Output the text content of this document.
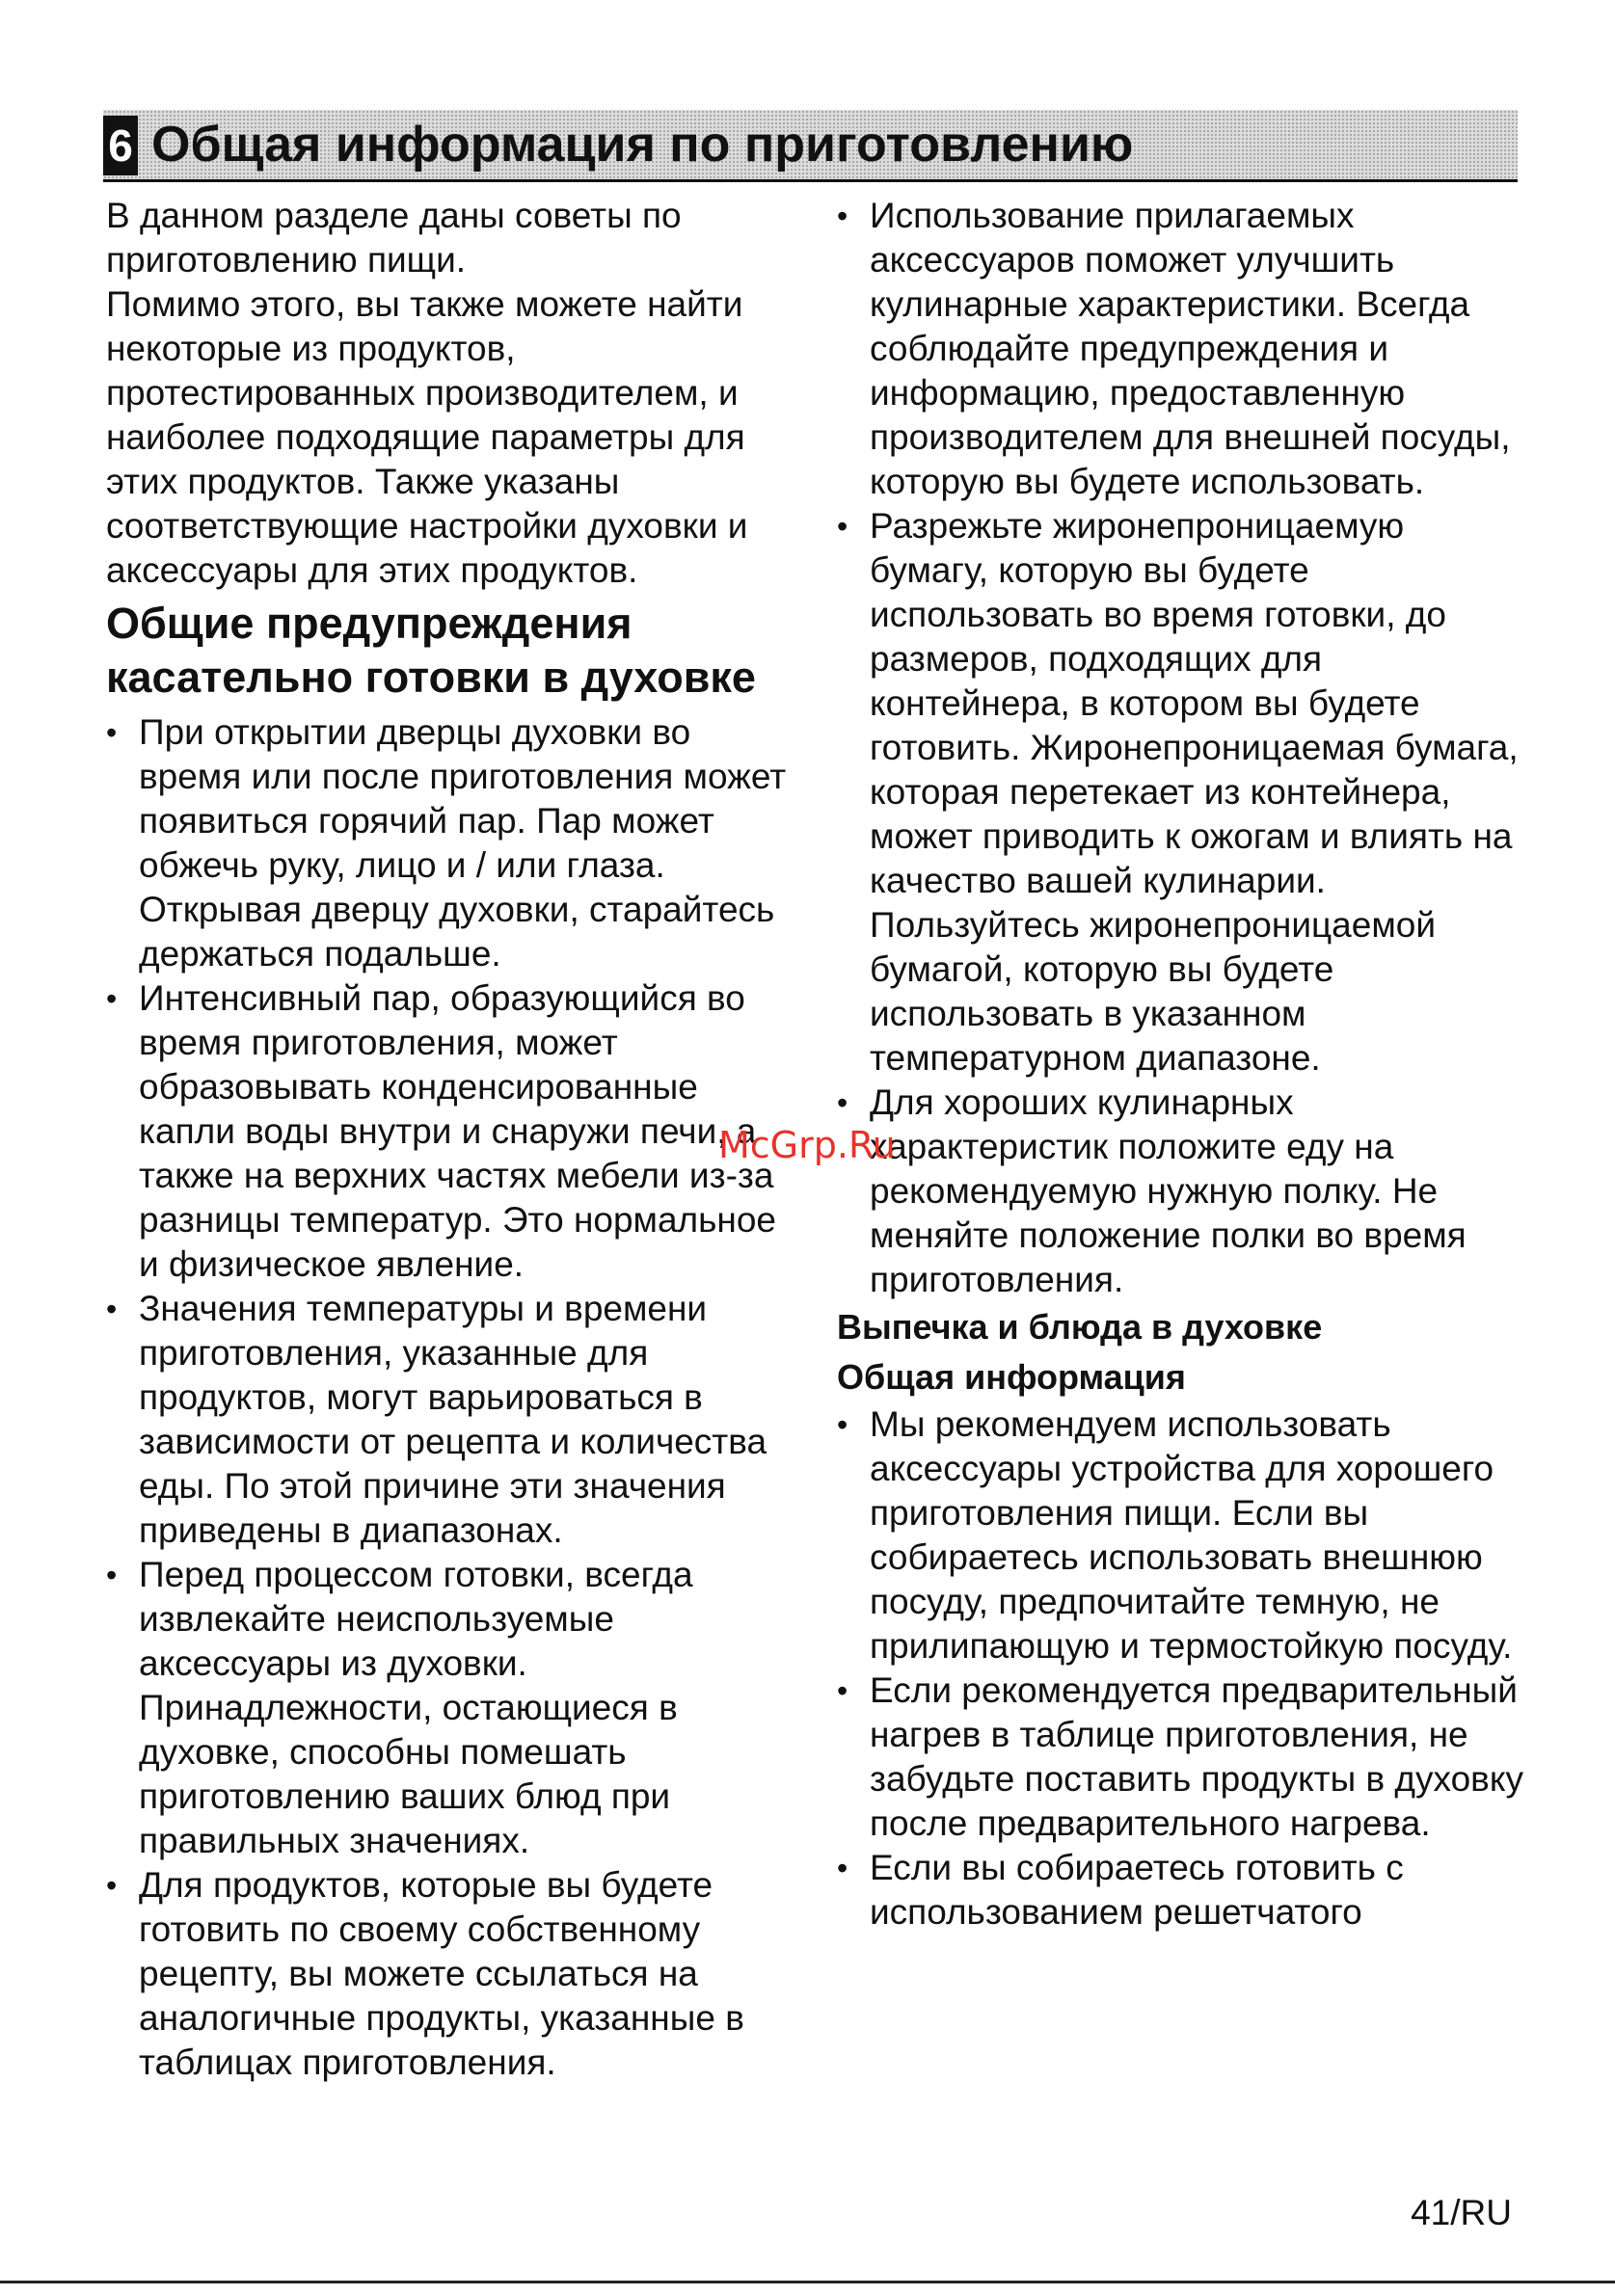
6 Общая информация по приготовлению

В данном разделе даны советы по приготовлению пищи.

Помимо этого, вы также можете найти некоторые из продуктов, протестированных производителем, и наиболее подходящие параметры для этих продуктов. Также указаны соответствующие настройки духовки и аксессуары для этих продуктов.

Общие предупреждения касательно готовки в духовке
• При открытии дверцы духовки во время или после приготовления может появиться горячий пар. Пар может обжечь руку, лицо и / или глаза. Открывая дверцу духовки, старайтесь держаться подальше.
• Интенсивный пар, образующийся во время приготовления, может образовывать конденсированные капли воды внутри и снаружи печи, а также на верхних частях мебели из-за разницы температур. Это нормальное и физическое явление.
• Значения температуры и времени приготовления, указанные для продуктов, могут варьироваться в зависимости от рецепта и количества еды. По этой причине эти значения приведены в диапазонах.
• Перед процессом готовки, всегда извлекайте неиспользуемые аксессуары из духовки. Принадлежности, остающиеся в духовке, способны помешать приготовлению ваших блюд при правильных значениях.
• Для продуктов, которые вы будете готовить по своему собственному рецепту, вы можете ссылаться на аналогичные продукты, указанные в таблицах приготовления.
• Использование прилагаемых аксессуаров поможет улучшить кулинарные характеристики. Всегда соблюдайте предупреждения и информацию, предоставленную производителем для внешней посуды, которую вы будете использовать.
• Разрежьте жиронепроницаемую бумагу, которую вы будете использовать во время готовки, до размеров, подходящих для контейнера, в котором вы будете готовить. Жиронепроницаемая бумага, которая перетекает из контейнера, может приводить к ожогам и влиять на качество вашей кулинарии. Пользуйтесь жиронепроницаемой бумагой, которую вы будете использовать в указанном температурном диапазоне.
• Для хороших кулинарных характеристик положите еду на рекомендуемую нужную полку. Не меняйте положение полки во время приготовления.
Выпечка и блюда в духовке
Общая информация
• Мы рекомендуем использовать аксессуары устройства для хорошего приготовления пищи. Если вы собираетесь использовать внешнюю посуду, предпочитайте темную, не прилипающую и термостойкую посуду.
• Если рекомендуется предварительный нагрев в таблице приготовления, не забудьте поставить продукты в духовку после предварительного нагрева.
• Если вы собираетесь готовить с использованием решетчатого
McGrp.Ru
41/RU
